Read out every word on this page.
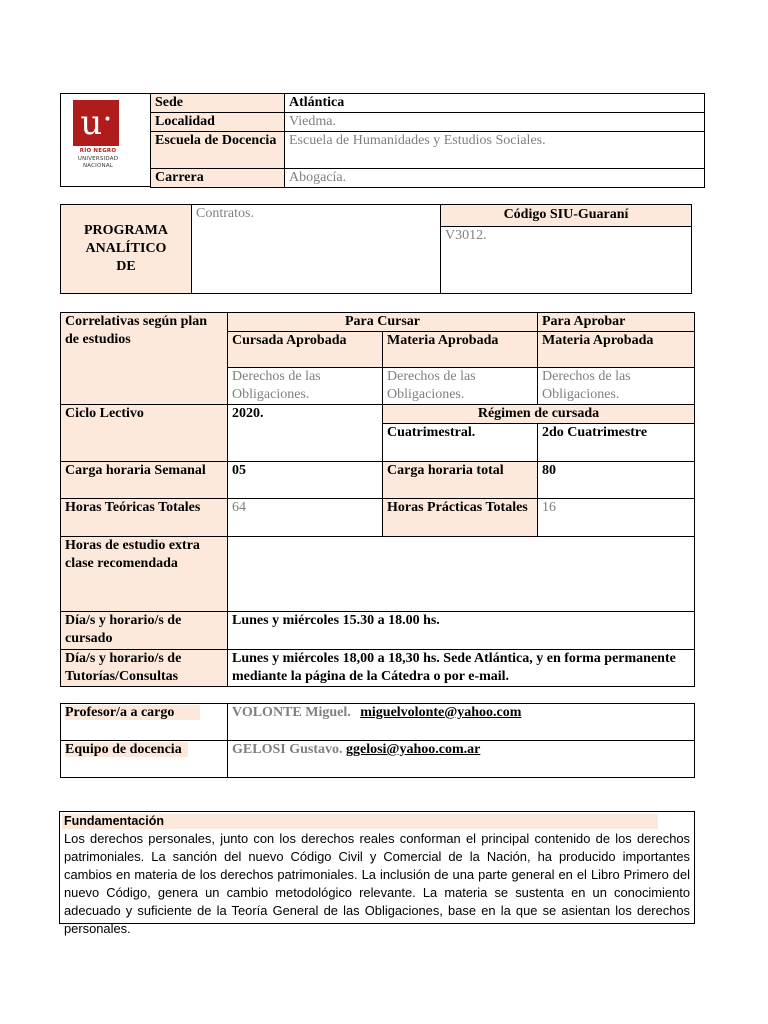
u •
RÍO NEGRO
UNIVERSIDAD
NACIONAL
Sede	Atlántica
Localidad	Viedma.
Escuela de Docencia	Escuela de Humanidades y Estudios Sociales.
Carrera	Abogacía.
PROGRAMA ANALÍTICO DE	Contratos.	Código SIU-Guaraní
V3012.
Correlativas según plan de estudios	Para Cursar		Para Aprobar
	Cursada Aprobada	Materia Aprobada	Materia Aprobada
	Derechos de las Obligaciones.	Derechos de las Obligaciones.	Derechos de las Obligaciones.
Ciclo Lectivo	2020.	Régimen de cursada	
		Cuatrimestral.	2do Cuatrimestre
Carga horaria Semanal	05	Carga horaria total	80
Horas Teóricas Totales	64	Horas Prácticas Totales	16
Horas de estudio extra clase recomendada			
Día/s y horario/s de cursado	Lunes y miércoles 15.30 a 18.00 hs.		
Día/s y horario/s de Tutorías/Consultas	Lunes y miércoles 18,00 a 18,30 hs. Sede Atlántica, y en forma permanente mediante la página de la Cátedra o por e-mail.		
Profesor/a a cargo	VOLONTE Miguel. miguelvolonte@yahoo.com
Equipo de docencia	GELOSI Gustavo. ggelosi@yahoo.com.ar
Fundamentación
Los derechos personales, junto con los derechos reales conforman el principal contenido de los derechos patrimoniales. La sanción del nuevo Código Civil y Comercial de la Nación, ha producido importantes cambios en materia de los derechos patrimoniales. La inclusión de una parte general en el Libro Primero del nuevo Código, genera un cambio metodológico relevante. La materia se sustenta en un conocimiento adecuado y suficiente de la Teoría General de las Obligaciones, base en la que se asientan los derechos personales.
